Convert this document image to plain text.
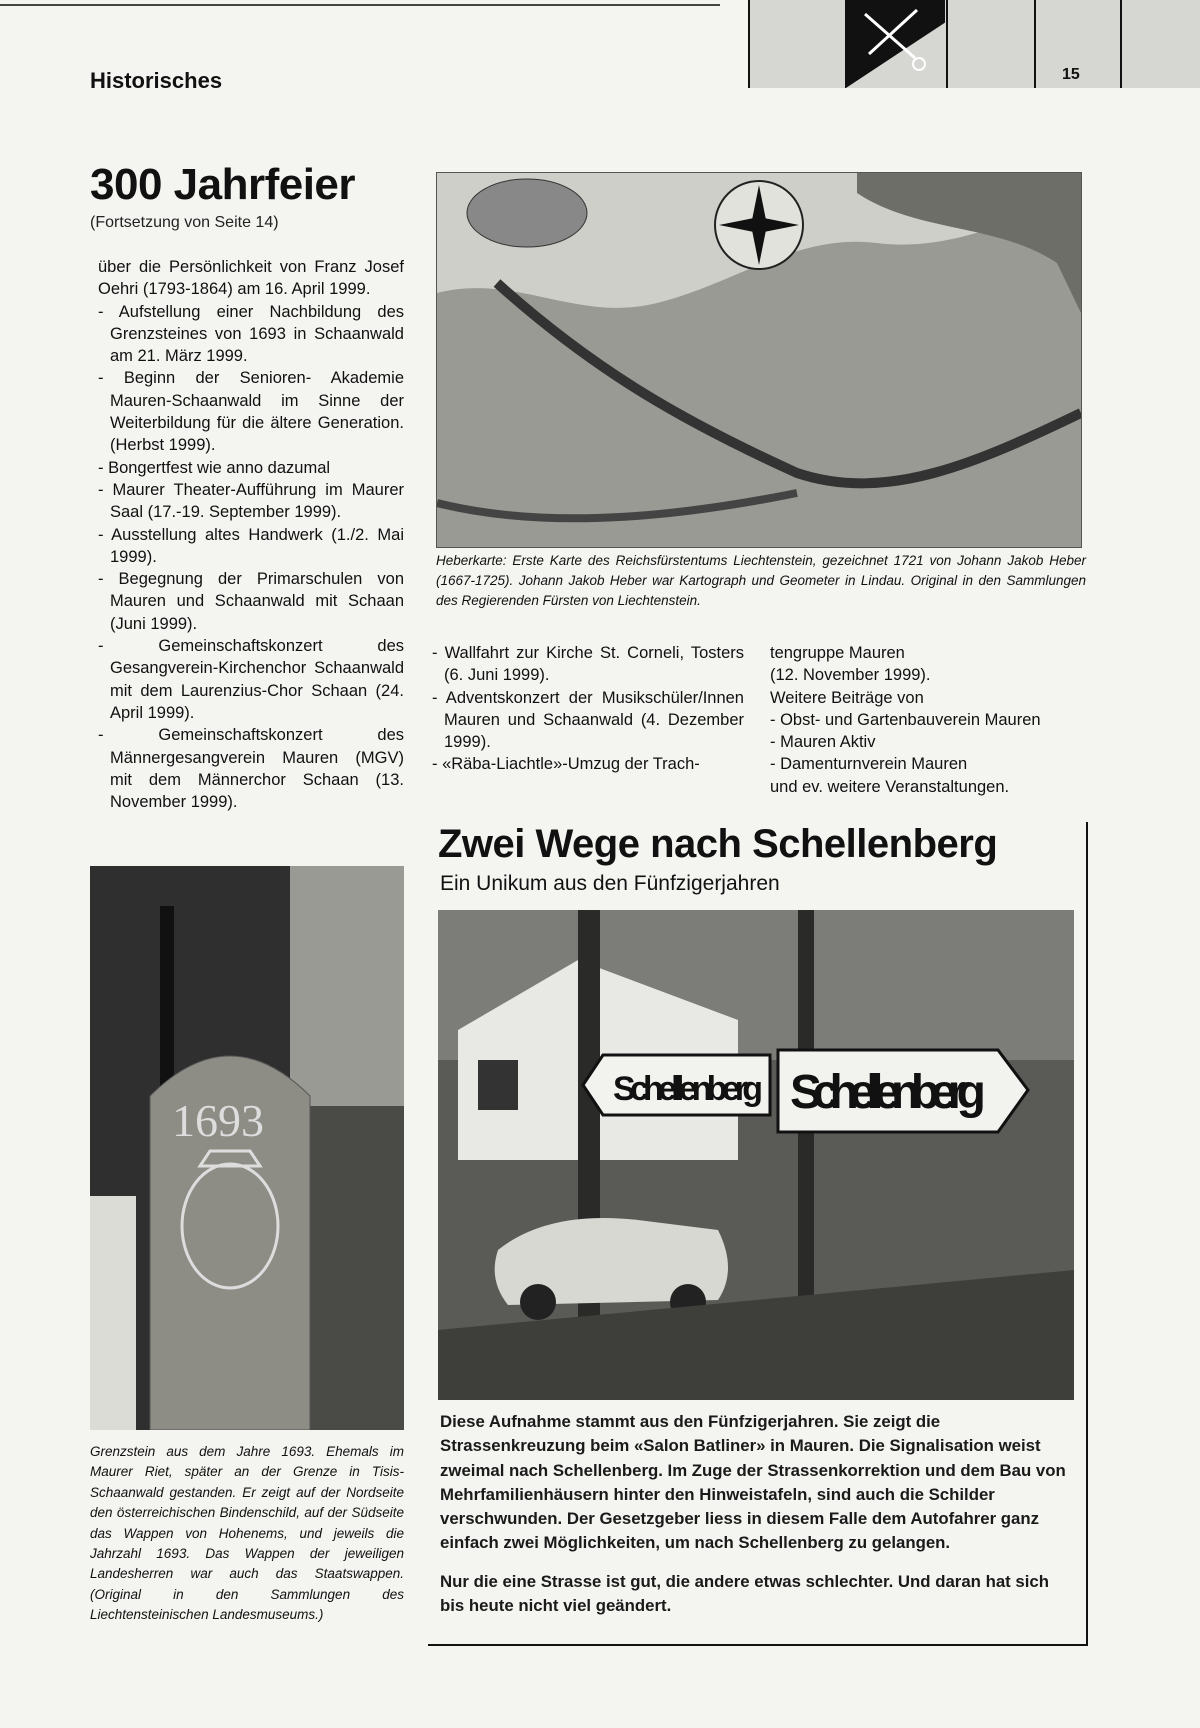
Historisches	15
300 Jahrfeier
(Fortsetzung von Seite 14)

über die Persönlichkeit von Franz Josef Oehri (1793-1864) am 16. April 1999.

- Aufstellung einer Nachbildung des Grenzsteines von 1693 in Schaanwald am 21. März 1999.

- Beginn der Senioren- Akademie Mauren-Schaanwald im Sinne der Weiterbildung für die ältere Generation. (Herbst 1999).

- Bongertfest wie anno dazumal

- Maurer Theater-Aufführung im Maurer Saal (17.-19. September 1999).

- Ausstellung altes Handwerk (1./2. Mai 1999).

- Begegnung der Primarschulen von Mauren und Schaanwald mit Schaan (Juni 1999).

- Gemeinschaftskonzert des Gesangverein-Kirchenchor Schaanwald mit dem Laurenzius-Chor Schaan (24. April 1999).

- Gemeinschaftskonzert des Männergesangverein Mauren (MGV) mit dem Männerchor Schaan (13. November 1999).

Heberkarte: Erste Karte des Reichsfürstentums Liechtenstein, gezeichnet 1721 von Johann Jakob Heber (1667-1725). Johann Jakob Heber war Kartograph und Geometer in Lindau. Original in den Sammlungen des Regierenden Fürsten von Liechtenstein.

- Wallfahrt zur Kirche St. Corneli, Tosters (6. Juni 1999).

- Adventskonzert der Musikschüler/Innen Mauren und Schaanwald (4. Dezember 1999).

- «Räba-Liachtle»-Umzug der Trach-

tengruppe Mauren

(12. November 1999).

Weitere Beiträge von

- Obst- und Gartenbauverein Mauren

- Mauren Aktiv

- Damenturnverein Mauren

und ev. weitere Veranstaltungen.

1693
Grenzstein aus dem Jahre 1693. Ehemals im Maurer Riet, später an der Grenze in Tisis-Schaanwald gestanden. Er zeigt auf der Nordseite den österreichischen Bindenschild, auf der Südseite das Wappen von Hohenems, und jeweils die Jahrzahl 1693. Das Wappen der jeweiligen Landesherren war auch das Staatswappen. (Original in den Sammlungen des Liechtensteinischen Landesmuseums.)
Zwei Wege nach Schellenberg
Ein Unikum aus den Fünfzigerjahren
Schellenberg Schellenberg

Diese Aufnahme stammt aus den Fünfzigerjahren. Sie zeigt die Strassenkreuzung beim «Salon Batliner» in Mauren. Die Signalisation weist zweimal nach Schellenberg. Im Zuge der Strassenkorrektion und dem Bau von Mehrfamilienhäusern hinter den Hinweistafeln, sind auch die Schilder verschwunden. Der Gesetzgeber liess in diesem Falle dem Autofahrer ganz einfach zwei Möglichkeiten, um nach Schellenberg zu gelangen.

Nur die eine Strasse ist gut, die andere etwas schlechter. Und daran hat sich bis heute nicht viel geändert.
